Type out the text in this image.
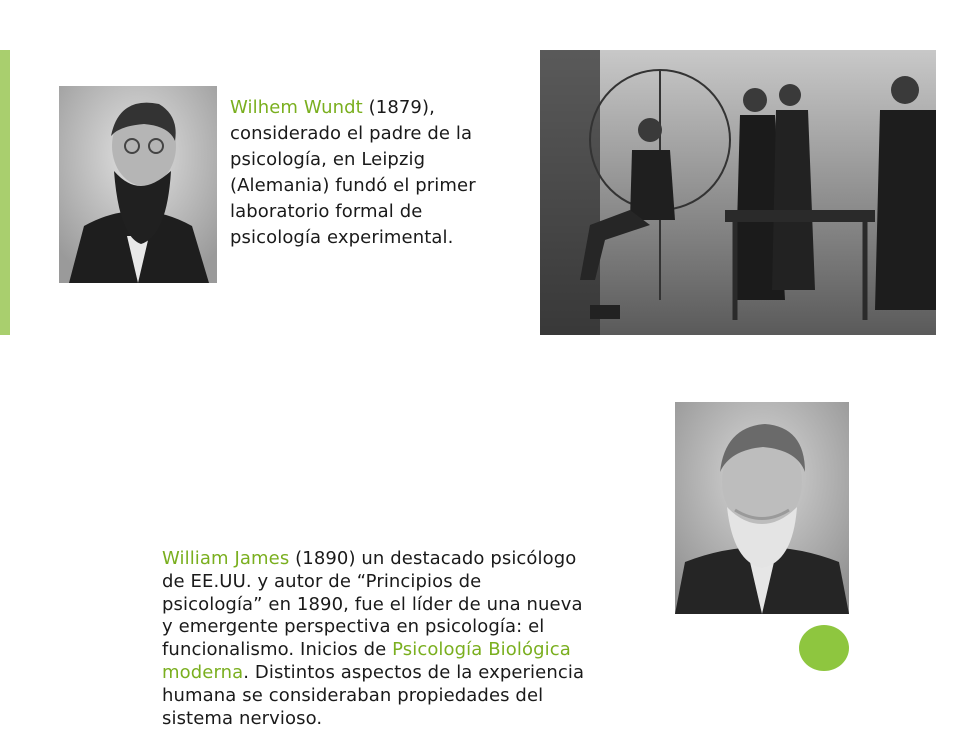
Wilhem Wundt (1879),
considerado el padre de la
psicología, en Leipzig
(Alemania) fundó el primer
laboratorio formal de
psicología experimental.
William James (1890) un destacado psicólogo
de EE.UU. y autor de “Principios de
psicología” en 1890, fue el líder de una nueva
y emergente perspectiva en psicología: el
funcionalismo. Inicios de Psicología Biológica
moderna. Distintos aspectos de la experiencia
humana se consideraban propiedades del
sistema nervioso.
